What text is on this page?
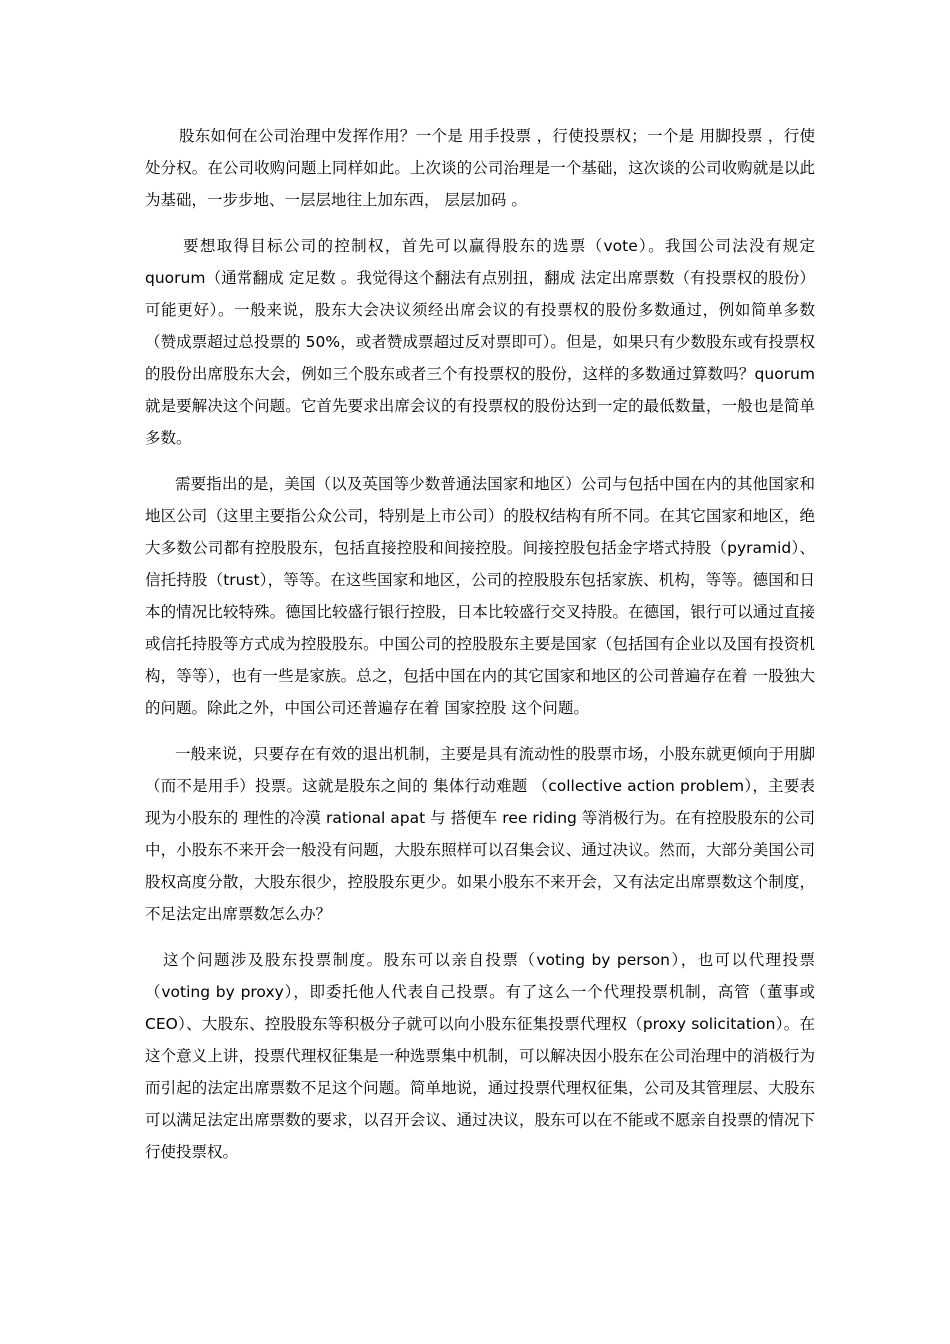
股东如何在公司治理中发挥作用？一个是 用手投票 ，行使投票权；一个是 用脚投票 ，行使处分权。在公司收购问题上同样如此。上次谈的公司治理是一个基础，这次谈的公司收购就是以此为基础，一步步地、一层层地往上加东西， 层层加码 。

要想取得目标公司的控制权，首先可以赢得股东的选票（vote）。我国公司法没有规定 quorum（通常翻成 定足数 。我觉得这个翻法有点别扭，翻成 法定出席票数（有投票权的股份） 可能更好）。一般来说，股东大会决议须经出席会议的有投票权的股份多数通过，例如简单多数（赞成票超过总投票的 50%，或者赞成票超过反对票即可）。但是，如果只有少数股东或有投票权的股份出席股东大会，例如三个股东或者三个有投票权的股份，这样的多数通过算数吗？quorum 就是要解决这个问题。它首先要求出席会议的有投票权的股份达到一定的最低数量，一般也是简单多数。

需要指出的是，美国（以及英国等少数普通法国家和地区）公司与包括中国在内的其他国家和地区公司（这里主要指公众公司，特别是上市公司）的股权结构有所不同。在其它国家和地区，绝大多数公司都有控股股东，包括直接控股和间接控股。间接控股包括金字塔式持股（pyramid）、信托持股（trust），等等。在这些国家和地区，公司的控股股东包括家族、机构，等等。德国和日本的情况比较特殊。德国比较盛行银行控股，日本比较盛行交叉持股。在德国，银行可以通过直接或信托持股等方式成为控股股东。中国公司的控股股东主要是国家（包括国有企业以及国有投资机构，等等），也有一些是家族。总之，包括中国在内的其它国家和地区的公司普遍存在着 一股独大 的问题。除此之外，中国公司还普遍存在着 国家控股 这个问题。

一般来说，只要存在有效的退出机制，主要是具有流动性的股票市场，小股东就更倾向于用脚（而不是用手）投票。这就是股东之间的 集体行动难题 （collective action problem），主要表现为小股东的 理性的冷漠 rational apat 与 搭便车 ree riding 等消极行为。在有控股股东的公司中，小股东不来开会一般没有问题，大股东照样可以召集会议、通过决议。然而，大部分美国公司股权高度分散，大股东很少，控股股东更少。如果小股东不来开会，又有法定出席票数这个制度，不足法定出席票数怎么办？

这个问题涉及股东投票制度。股东可以亲自投票（voting by person），也可以代理投票（voting by proxy），即委托他人代表自己投票。有了这么一个代理投票机制，高管（董事或 CEO）、大股东、控股股东等积极分子就可以向小股东征集投票代理权（proxy solicitation）。在这个意义上讲，投票代理权征集是一种选票集中机制，可以解决因小股东在公司治理中的消极行为而引起的法定出席票数不足这个问题。简单地说，通过投票代理权征集，公司及其管理层、大股东可以满足法定出席票数的要求，以召开会议、通过决议，股东可以在不能或不愿亲自投票的情况下行使投票权。
